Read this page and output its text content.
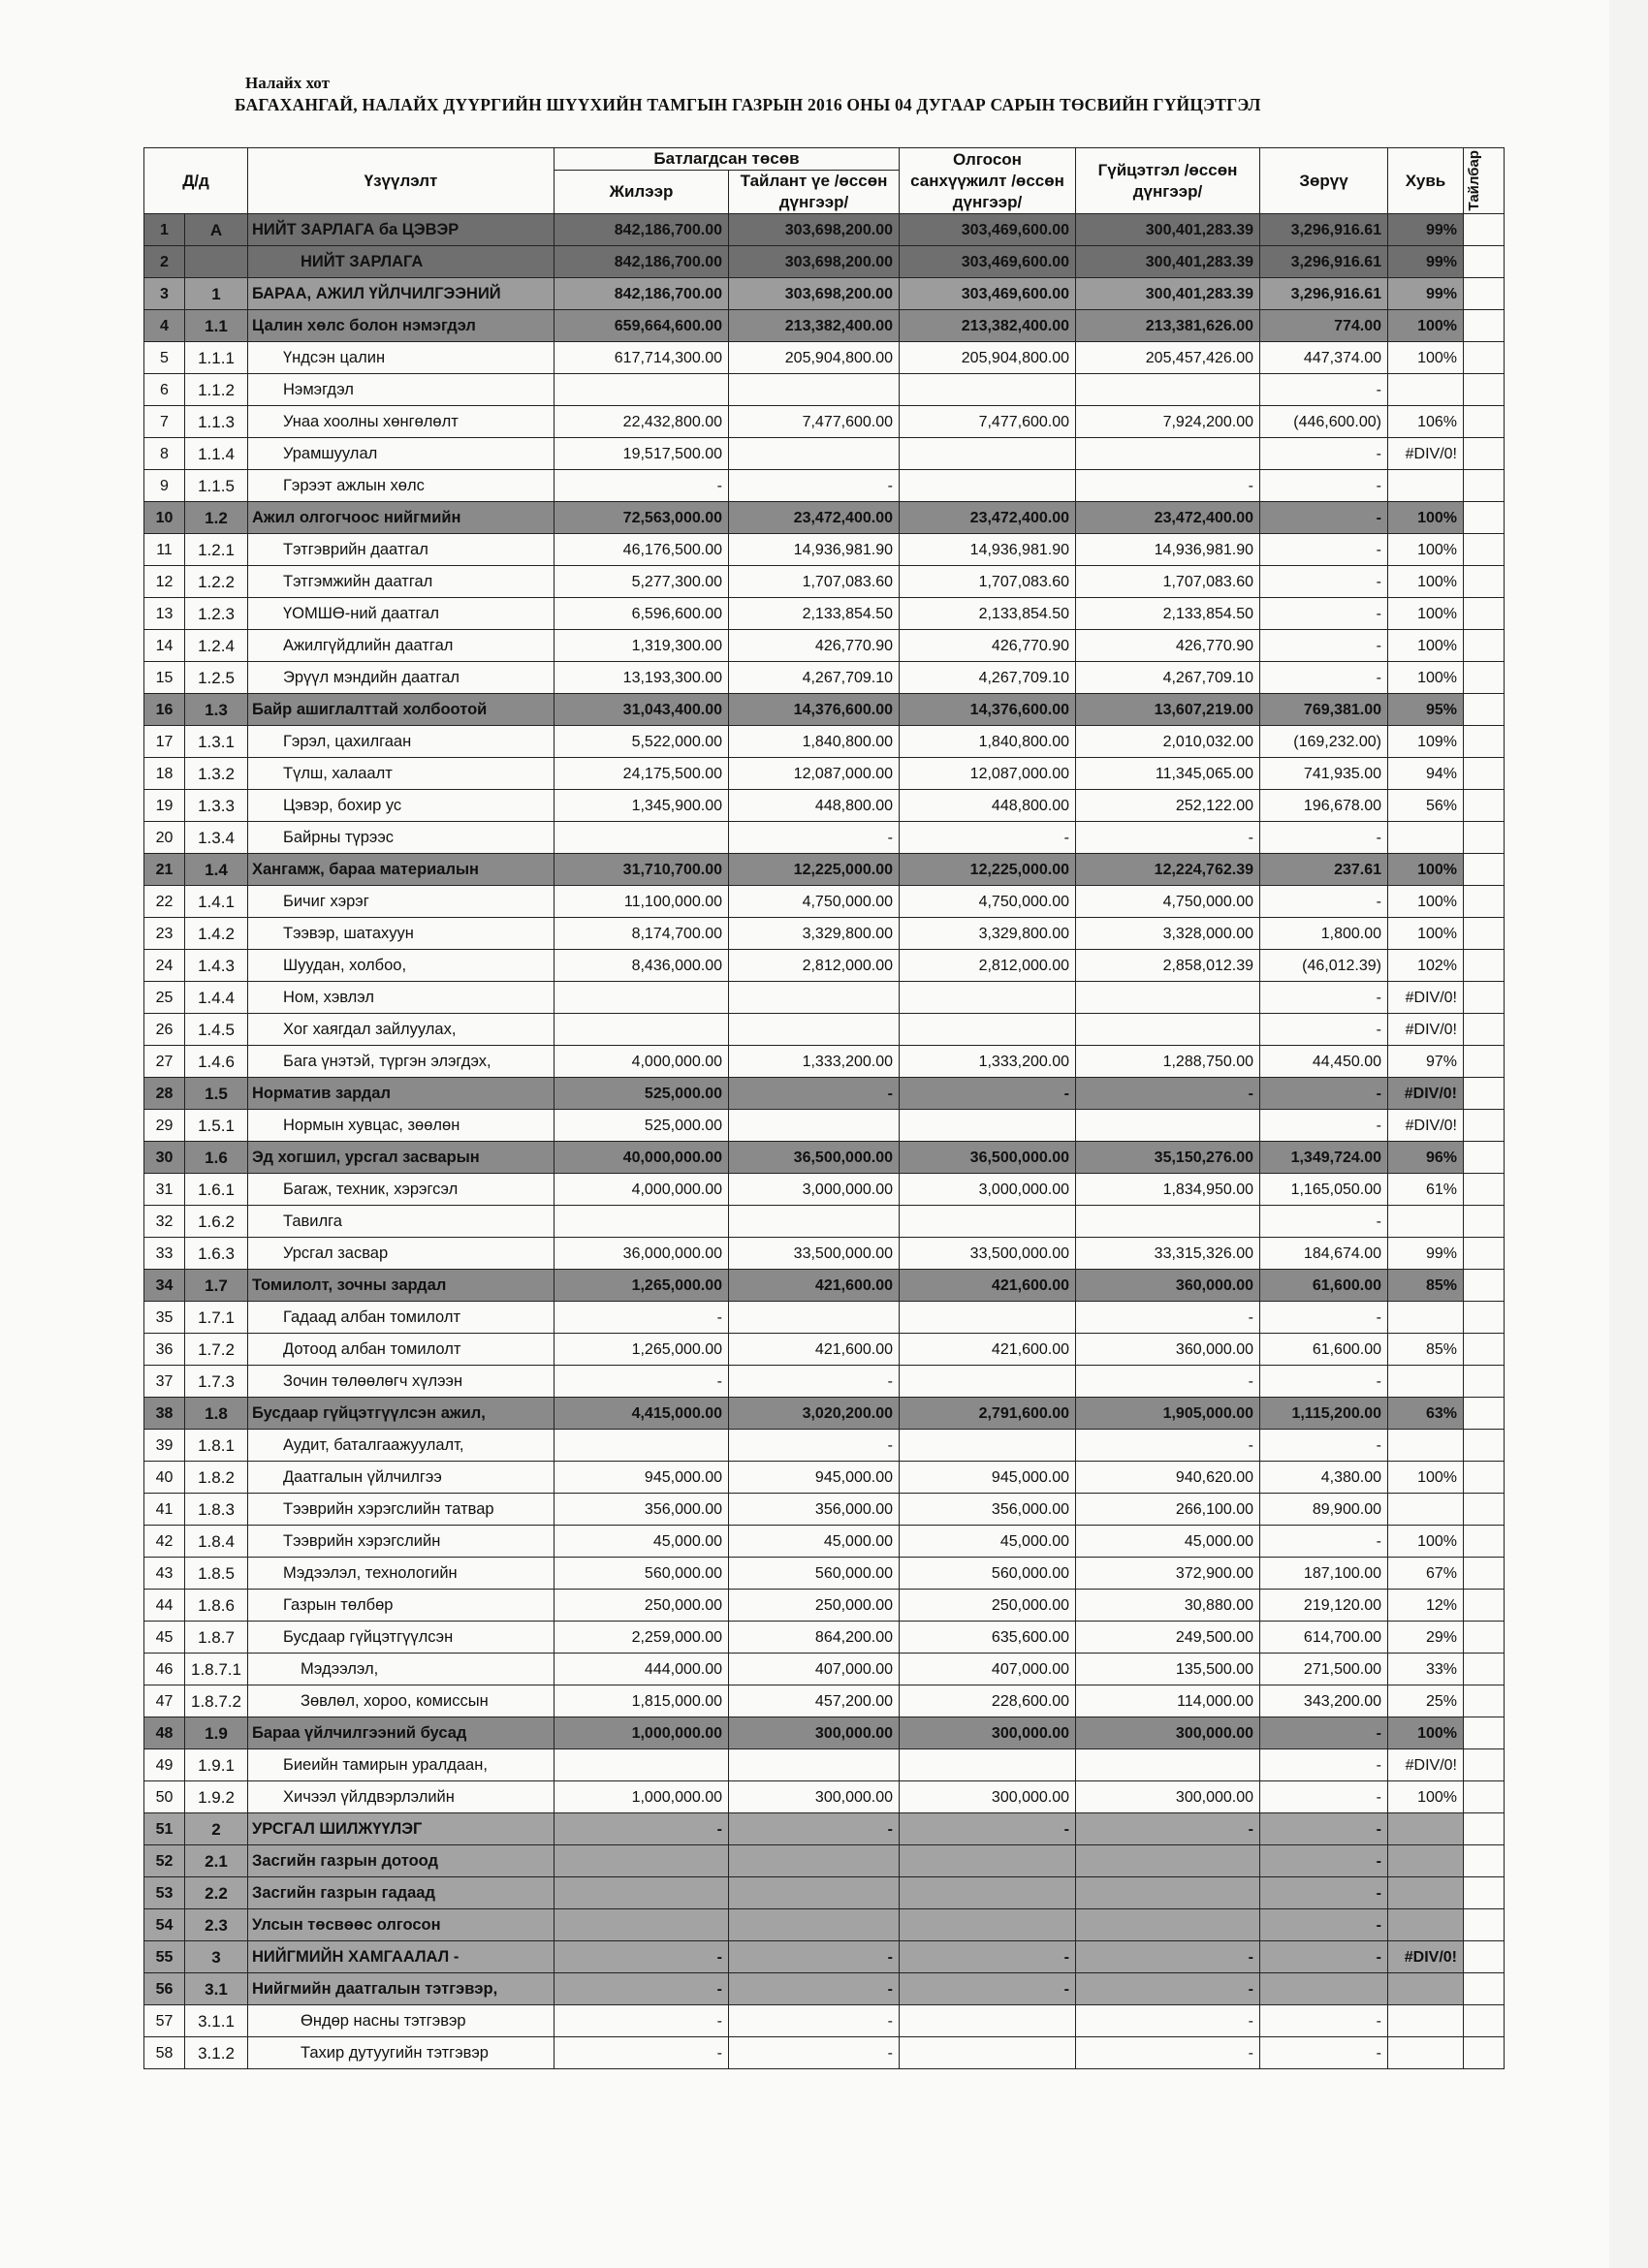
Налайх хот
БАГАХАНГАЙ, НАЛАЙХ ДҮҮРГИЙН ШҮҮХИЙН ТАМГЫН ГАЗРЫН 2016 ОНЫ 04 ДУГААР САРЫН ТӨСВИЙН ГҮЙЦЭТГЭЛ
Д/д		Үзүүлэлт	Батлагдсан төсөв		Олгосон санхүүжилт /өссөн дүнгээр/	Гүйцэтгэл /өссөн дүнгээр/	Зөрүү	Хувь	Тайлбар

			Жилээр	Тайлант үе /өссөн дүнгээр/					
1	А	НИЙТ ЗАРЛАГА ба ЦЭВЭР	842,186,700.00	303,698,200.00	303,469,600.00	300,401,283.39	3,296,916.61	99%	
2		НИЙТ ЗАРЛАГА	842,186,700.00	303,698,200.00	303,469,600.00	300,401,283.39	3,296,916.61	99%	
3	1	БАРАА, АЖИЛ ҮЙЛЧИЛГЭЭНИЙ	842,186,700.00	303,698,200.00	303,469,600.00	300,401,283.39	3,296,916.61	99%	
4	1.1	Цалин хөлс болон нэмэгдэл	659,664,600.00	213,382,400.00	213,382,400.00	213,381,626.00	774.00	100%	
5	1.1.1	Үндсэн цалин	617,714,300.00	205,904,800.00	205,904,800.00	205,457,426.00	447,374.00	100%	
6	1.1.2	Нэмэгдэл					-		
7	1.1.3	Унаа хоолны хөнгөлөлт	22,432,800.00	7,477,600.00	7,477,600.00	7,924,200.00	(446,600.00)	106%	
8	1.1.4	Урамшуулал	19,517,500.00				-	#DIV/0!	
9	1.1.5	Гэрээт ажлын хөлс	-	-		-	-		
10	1.2	Ажил олгогчоос нийгмийн	72,563,000.00	23,472,400.00	23,472,400.00	23,472,400.00	-	100%	
11	1.2.1	Тэтгэврийн даатгал	46,176,500.00	14,936,981.90	14,936,981.90	14,936,981.90	-	100%	
12	1.2.2	Тэтгэмжийн даатгал	5,277,300.00	1,707,083.60	1,707,083.60	1,707,083.60	-	100%	
13	1.2.3	ҮОМШӨ-ний даатгал	6,596,600.00	2,133,854.50	2,133,854.50	2,133,854.50	-	100%	
14	1.2.4	Ажилгүйдлийн даатгал	1,319,300.00	426,770.90	426,770.90	426,770.90	-	100%	
15	1.2.5	Эрүүл мэндийн даатгал	13,193,300.00	4,267,709.10	4,267,709.10	4,267,709.10	-	100%	
16	1.3	Байр ашиглалттай холбоотой	31,043,400.00	14,376,600.00	14,376,600.00	13,607,219.00	769,381.00	95%	
17	1.3.1	Гэрэл, цахилгаан	5,522,000.00	1,840,800.00	1,840,800.00	2,010,032.00	(169,232.00)	109%	
18	1.3.2	Түлш, халаалт	24,175,500.00	12,087,000.00	12,087,000.00	11,345,065.00	741,935.00	94%	
19	1.3.3	Цэвэр, бохир ус	1,345,900.00	448,800.00	448,800.00	252,122.00	196,678.00	56%	
20	1.3.4	Байрны түрээс		-	-	-	-		
21	1.4	Хангамж, бараа материалын	31,710,700.00	12,225,000.00	12,225,000.00	12,224,762.39	237.61	100%	
22	1.4.1	Бичиг хэрэг	11,100,000.00	4,750,000.00	4,750,000.00	4,750,000.00	-	100%	
23	1.4.2	Тээвэр, шатахуун	8,174,700.00	3,329,800.00	3,329,800.00	3,328,000.00	1,800.00	100%	
24	1.4.3	Шуудан, холбоо,	8,436,000.00	2,812,000.00	2,812,000.00	2,858,012.39	(46,012.39)	102%	
25	1.4.4	Ном, хэвлэл					-	#DIV/0!	
26	1.4.5	Хог хаягдал зайлуулах,					-	#DIV/0!	
27	1.4.6	Бага үнэтэй, түргэн элэгдэх,	4,000,000.00	1,333,200.00	1,333,200.00	1,288,750.00	44,450.00	97%	
28	1.5	Норматив зардал	525,000.00	-	-	-	-	#DIV/0!	
29	1.5.1	Нормын хувцас, зөөлөн	525,000.00				-	#DIV/0!	
30	1.6	Эд хогшил, урсгал засварын	40,000,000.00	36,500,000.00	36,500,000.00	35,150,276.00	1,349,724.00	96%	
31	1.6.1	Багаж, техник, хэрэгсэл	4,000,000.00	3,000,000.00	3,000,000.00	1,834,950.00	1,165,050.00	61%	
32	1.6.2	Тавилга					-		
33	1.6.3	Урсгал засвар	36,000,000.00	33,500,000.00	33,500,000.00	33,315,326.00	184,674.00	99%	
34	1.7	Томилолт, зочны зардал	1,265,000.00	421,600.00	421,600.00	360,000.00	61,600.00	85%	
35	1.7.1	Гадаад албан томилолт	-			-	-		
36	1.7.2	Дотоод албан томилолт	1,265,000.00	421,600.00	421,600.00	360,000.00	61,600.00	85%	
37	1.7.3	Зочин төлөөлөгч хүлээн	-	-		-	-		
38	1.8	Бусдаар гүйцэтгүүлсэн ажил,	4,415,000.00	3,020,200.00	2,791,600.00	1,905,000.00	1,115,200.00	63%	
39	1.8.1	Аудит, баталгаажуулалт,		-		-	-		
40	1.8.2	Даатгалын үйлчилгээ	945,000.00	945,000.00	945,000.00	940,620.00	4,380.00	100%	
41	1.8.3	Тээврийн хэрэгслийн татвар	356,000.00	356,000.00	356,000.00	266,100.00	89,900.00		
42	1.8.4	Тээврийн хэрэгслийн	45,000.00	45,000.00	45,000.00	45,000.00	-	100%	
43	1.8.5	Мэдээлэл, технологийн	560,000.00	560,000.00	560,000.00	372,900.00	187,100.00	67%	
44	1.8.6	Газрын төлбөр	250,000.00	250,000.00	250,000.00	30,880.00	219,120.00	12%	
45	1.8.7	Бусдаар гүйцэтгүүлсэн	2,259,000.00	864,200.00	635,600.00	249,500.00	614,700.00	29%	
46	1.8.7.1	Мэдээлэл,	444,000.00	407,000.00	407,000.00	135,500.00	271,500.00	33%	
47	1.8.7.2	Зөвлөл, хороо, комиссын	1,815,000.00	457,200.00	228,600.00	114,000.00	343,200.00	25%	
48	1.9	Бараа үйлчилгээний бусад	1,000,000.00	300,000.00	300,000.00	300,000.00	-	100%	
49	1.9.1	Биеийн тамирын уралдаан,					-	#DIV/0!	
50	1.9.2	Хичээл үйлдвэрлэлийн	1,000,000.00	300,000.00	300,000.00	300,000.00	-	100%	
51	2	УРСГАЛ ШИЛЖҮҮЛЭГ	-	-	-	-	-		
52	2.1	Засгийн газрын дотоод					-		
53	2.2	Засгийн газрын гадаад					-		
54	2.3	Улсын төсвөөс олгосон					-		
55	3	НИЙГМИЙН ХАМГААЛАЛ -	-	-	-	-	-	#DIV/0!	
56	3.1	Нийгмийн даатгалын тэтгэвэр,	-	-	-	-			
57	3.1.1	Өндөр насны тэтгэвэр	-	-		-	-		
58	3.1.2	Тахир дутуугийн тэтгэвэр	-	-		-	-		
